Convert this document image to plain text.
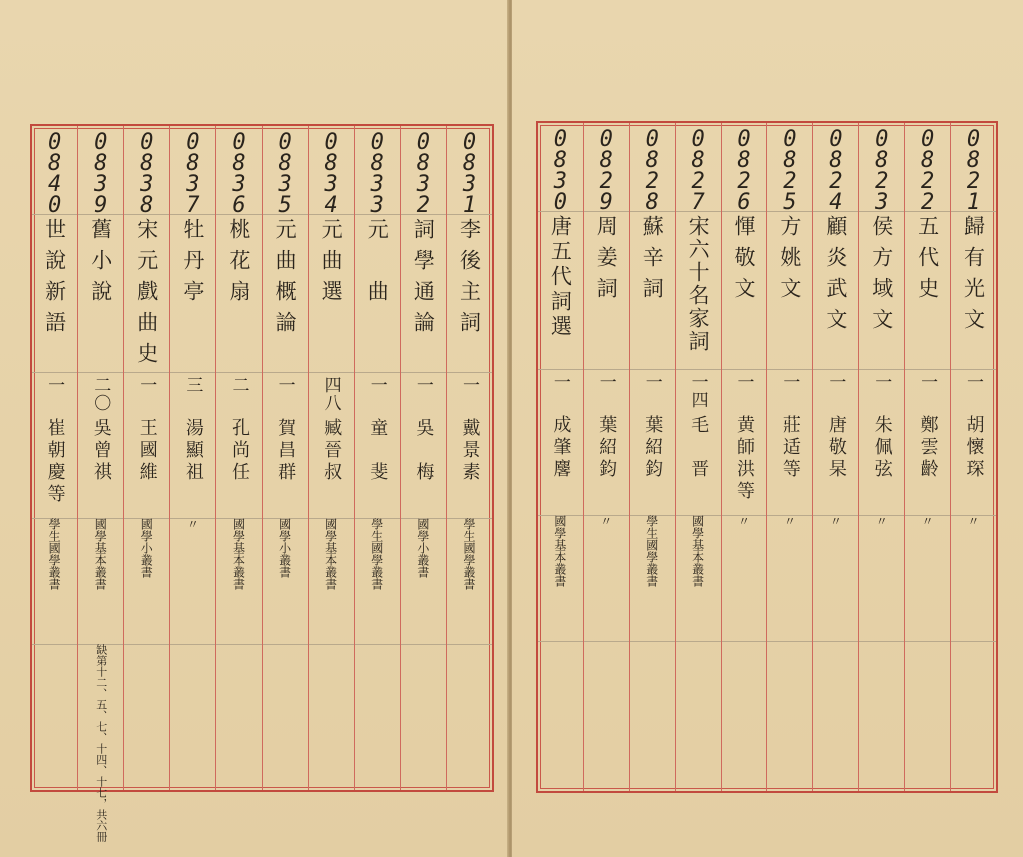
0831
李後主詞
一
戴景素
學生國學叢書
0832
詞學通論
一
吳　梅
國學小叢書
0833
元　曲
一
童　斐
學生國學叢書
0834
元曲選
四八
臧晉叔
國學基本叢書
0835
元曲概論
一
賀昌群
國學小叢書
0836
桃花扇
二
孔尚任
國學基本叢書
0837
牡丹亭
三
湯顯祖
〃
0838
宋元戲曲史
一
王國維
國學小叢書
0839
舊小說
二〇
吳曾祺
國學基本叢書
缺第十二、五、七、十四、十七，共六冊
0840
世說新語
一
崔朝慶等
學生國學叢書
0821
歸有光文
一
胡懷琛
〃
0822
五代史
一
鄭雲齡
〃
0823
侯方域文
一
朱佩弦
〃
0824
顧炎武文
一
唐敬杲
〃
0825
方姚文
一
莊适等
〃
0826
惲敬文
一
黄師洪等
〃
0827
宋六十名家詞
一四
毛　晋
國學基本叢書
0828
蘇辛詞
一
葉紹鈞
學生國學叢書
0829
周姜詞
一
葉紹鈞
〃
0830
唐五代詞選
一
成肇麐
國學基本叢書
